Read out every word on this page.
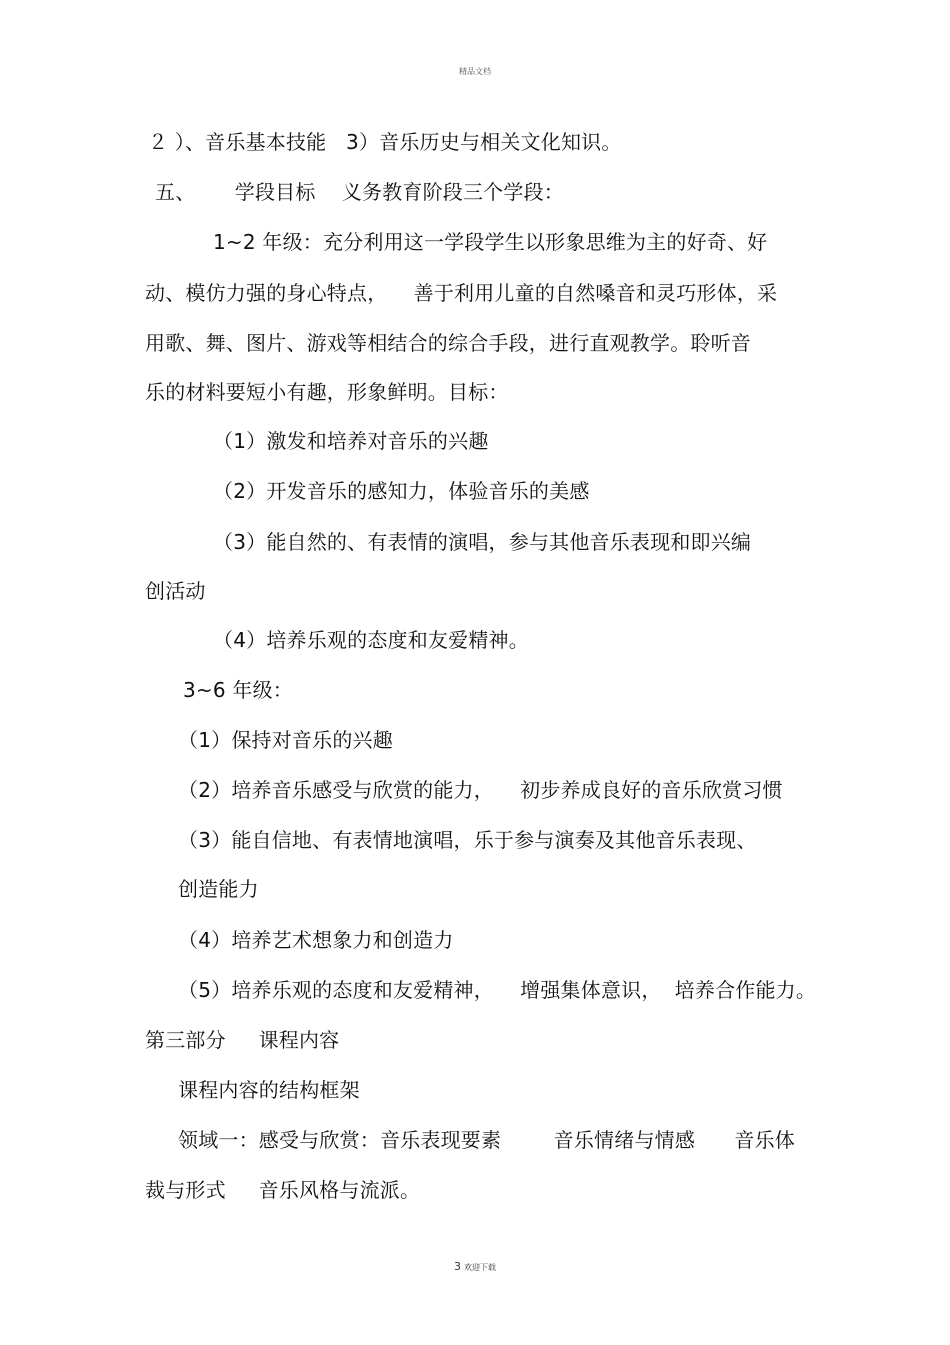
精品文档
２ ）、音乐基本技能   3）音乐历史与相关文化知识。
五、      学段目标    义务教育阶段三个学段：
1~2 年级：充分利用这一学段学生以形象思维为主的好奇、好
动、模仿力强的身心特点，    善于利用儿童的自然嗓音和灵巧形体，采
用歌、舞、图片、游戏等相结合的综合手段，进行直观教学。聆听音
乐的材料要短小有趣，形象鲜明。目标：
（1）激发和培养对音乐的兴趣
（2）开发音乐的感知力，体验音乐的美感
（3）能自然的、有表情的演唱，参与其他音乐表现和即兴编
创活动
（4）培养乐观的态度和友爱精神。
3~6 年级：
（1）保持对音乐的兴趣
（2）培养音乐感受与欣赏的能力，    初步养成良好的音乐欣赏习惯
（3）能自信地、有表情地演唱，乐于参与演奏及其他音乐表现、
创造能力
（4）培养艺术想象力和创造力
（5）培养乐观的态度和友爱精神，    增强集体意识，  培养合作能力。
第三部分     课程内容
课程内容的结构框架
领域一：感受与欣赏：音乐表现要素        音乐情绪与情感      音乐体
裁与形式     音乐风格与流派。
3 欢迎下载
